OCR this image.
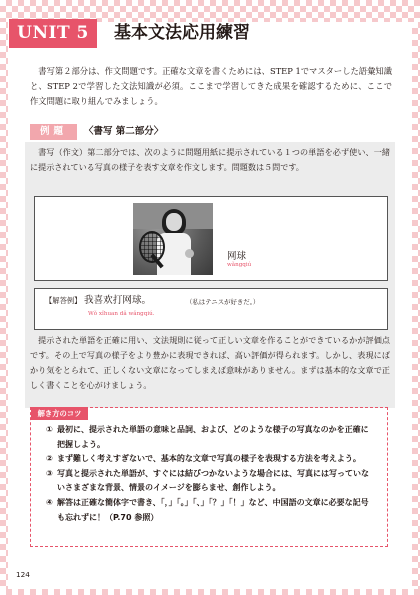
UNIT 5	基本文法応用練習

書写第２部分は、作文問題です。正確な文章を書くためには、STEP 1でマスターした語彙知識と、STEP 2で学習した文法知識が必須。ここまで学習してきた成果を確認するために、ここで作文問題に取り組んでみましょう。

例題	〈書写 第二部分〉

書写（作文）第二部分では、次のように問題用紙に提示されている１つの単語を必ず使い、一緒に提示されている写真の様子を表す文章を作文します。問題数は５問です。

网球
wǎngqiú
【解答例】 我喜欢打网球。	（私はテニスが好きだ。）
Wǒ xǐhuan dǎ wǎngqiú.

提示された単語を正確に用い、文法規則に従って正しい文章を作ることができているかが評価点です。その上で写真の様子をより豊かに表現できれば、高い評価が得られます。しかし、表現にばかり気をとられて、正しくない文章になってしまえば意味がありません。まずは基本的な文章で正しく書くことを心がけましょう。

解き方のコツ
① 最初に、提示された単語の意味と品詞、および、どのような様子の写真なのかを正確に把握しよう。
② まず難しく考えすぎないで、基本的な文章で写真の様子を表現する方法を考えよう。
③ 写真と提示された単語が、すぐには結びつかないような場合には、写真には写っていないさまざまな背景、情景のイメージを膨らませ、創作しよう。
④ 解答は正確な簡体字で書き、「，」「。」「、」「？」「！」など、中国語の文章に必要な記号も忘れずに！（P.70 参照）
124
